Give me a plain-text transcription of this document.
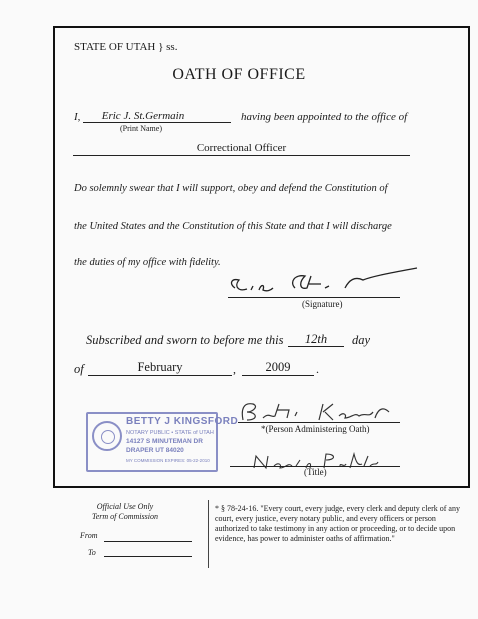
STATE OF UTAH } ss.
OATH OF OFFICE
I,	Eric J. St.Germain	having been appointed to the office of
(Print Name)
Correctional Officer
Do solemnly swear that I will support, obey and defend the Constitution of
the United States and the Constitution of this State and that I will discharge
the duties of my office with fidelity.
(Signature)
Subscribed and sworn to before me this	12th	day
of	February	,	2009	.
BETTY J KINGSFORD
NOTARY PUBLIC • STATE of UTAH
14127 S MINUTEMAN DR
DRAPER UT 84020
MY COMMISSION EXPIRES: 05-22-2010
*(Person Administering Oath)
(Title)
Official Use Only
Term of Commission
From
To
* § 78-24-16. "Every court, every judge, every clerk and deputy clerk of any court, every justice, every notary public, and every officers or person authorized to take testimony in any action or proceeding, or to decide upon evidence, has power to administer oaths of affirmation."
